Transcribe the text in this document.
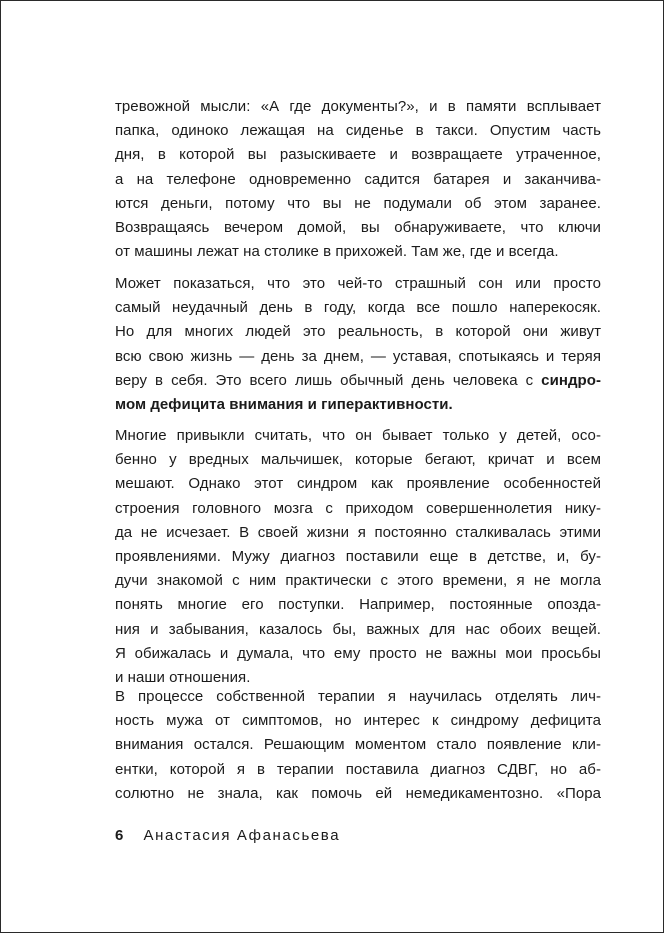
тревожной мысли: «А где документы?», и в памяти всплывает
папка, одиноко лежащая на сиденье в такси. Опустим часть
дня, в которой вы разыскиваете и возвращаете утраченное,
а на телефоне одновременно садится батарея и заканчива-
ются деньги, потому что вы не подумали об этом заранее.
Возвращаясь вечером домой, вы обнаруживаете, что ключи
от машины лежат на столике в прихожей. Там же, где и всегда.
Может показаться, что это чей-то страшный сон или просто
самый неудачный день в году, когда все пошло наперекосяк.
Но для многих людей это реальность, в которой они живут
всю свою жизнь — день за днем, — уставая, спотыкаясь и теряя
веру в себя. Это всего лишь обычный день человека с синдро-
мом дефицита внимания и гиперактивности.
Многие привыкли считать, что он бывает только у детей, осо-
бенно у вредных мальчишек, которые бегают, кричат и всем
мешают. Однако этот синдром как проявление особенностей
строения головного мозга с приходом совершеннолетия нику-
да не исчезает. В своей жизни я постоянно сталкивалась этими
проявлениями. Мужу диагноз поставили еще в детстве, и, бу-
дучи знакомой с ним практически с этого времени, я не могла
понять многие его поступки. Например, постоянные опозда-
ния и забывания, казалось бы, важных для нас обоих вещей.
Я обижалась и думала, что ему просто не важны мои просьбы
и наши отношения.
В процессе собственной терапии я научилась отделять лич-
ность мужа от симптомов, но интерес к синдрому дефицита
внимания остался. Решающим моментом стало появление кли-
ентки, которой я в терапии поставила диагноз СДВГ, но аб-
солютно не знала, как помочь ей немедикаментозно. «Пора
6 Анастасия Афанасьева
